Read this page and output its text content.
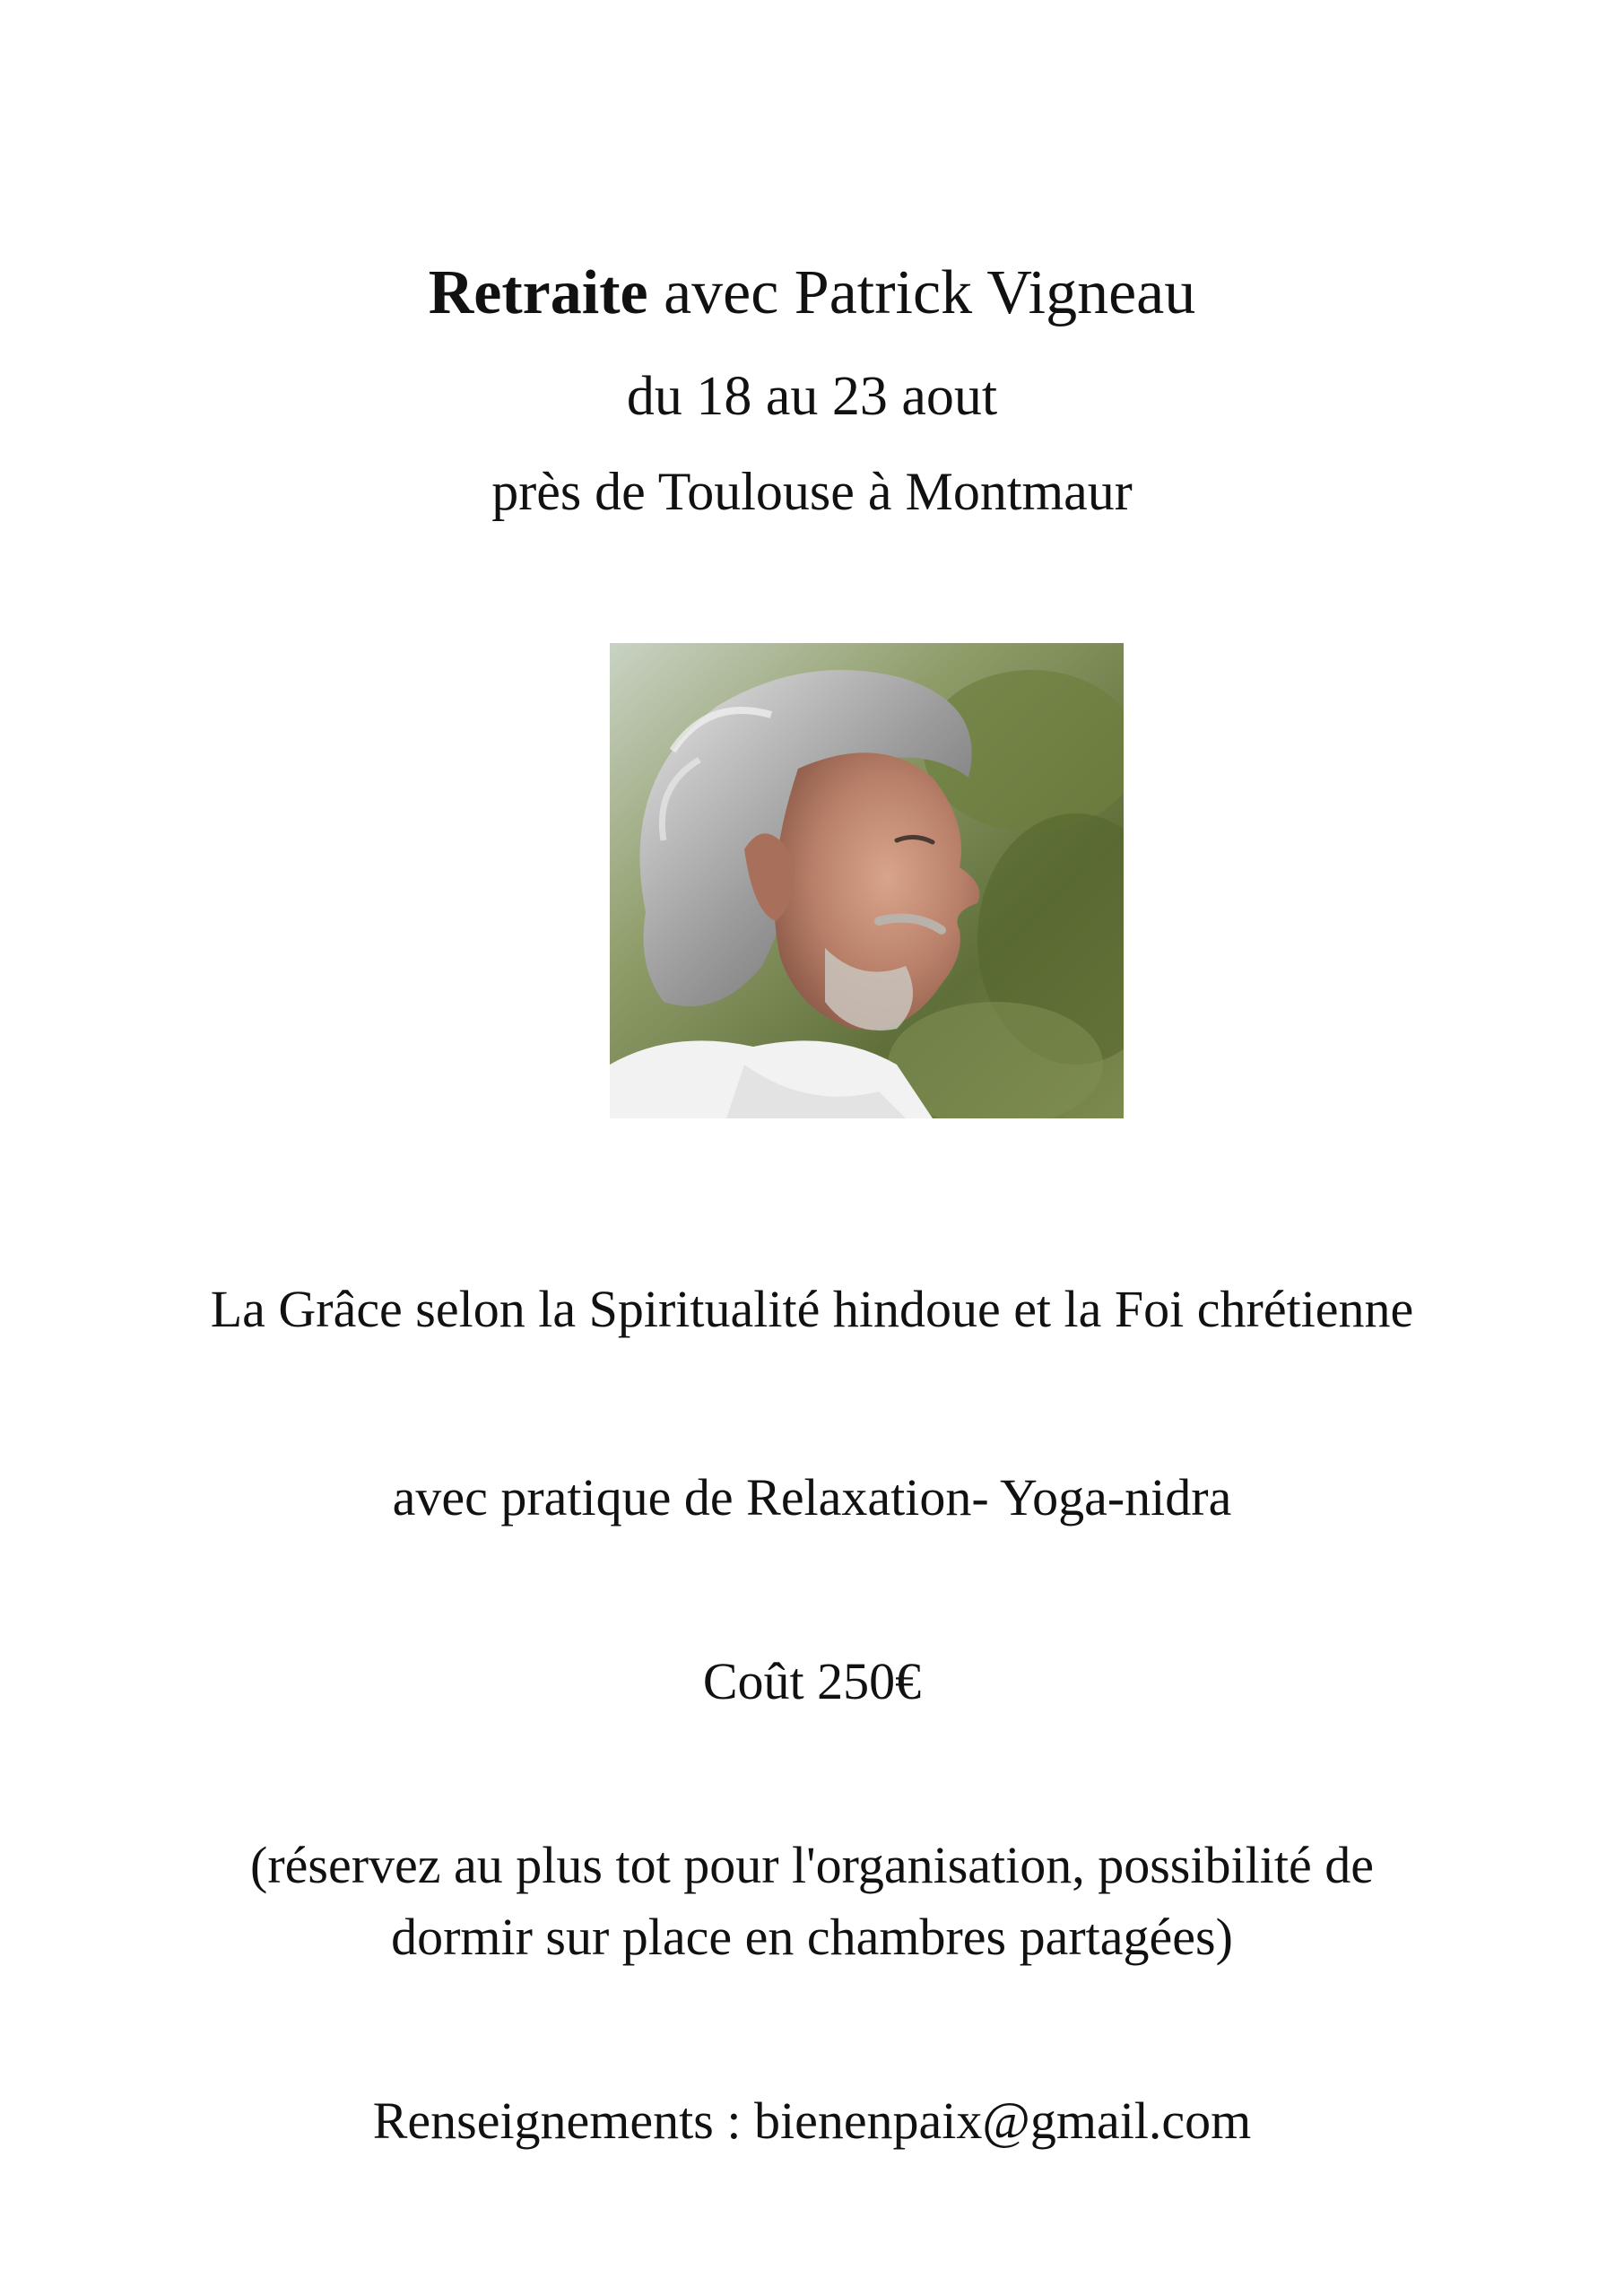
Retraite avec Patrick Vigneau
du 18 au 23 aout
près de Toulouse à Montmaur
La Grâce selon la Spiritualité hindoue et la Foi chrétienne
avec pratique de Relaxation- Yoga-nidra
Coût 250€
(réservez au plus tot pour l'organisation, possibilité de
dormir sur place en chambres partagées)
Renseignements : bienenpaix@gmail.com
